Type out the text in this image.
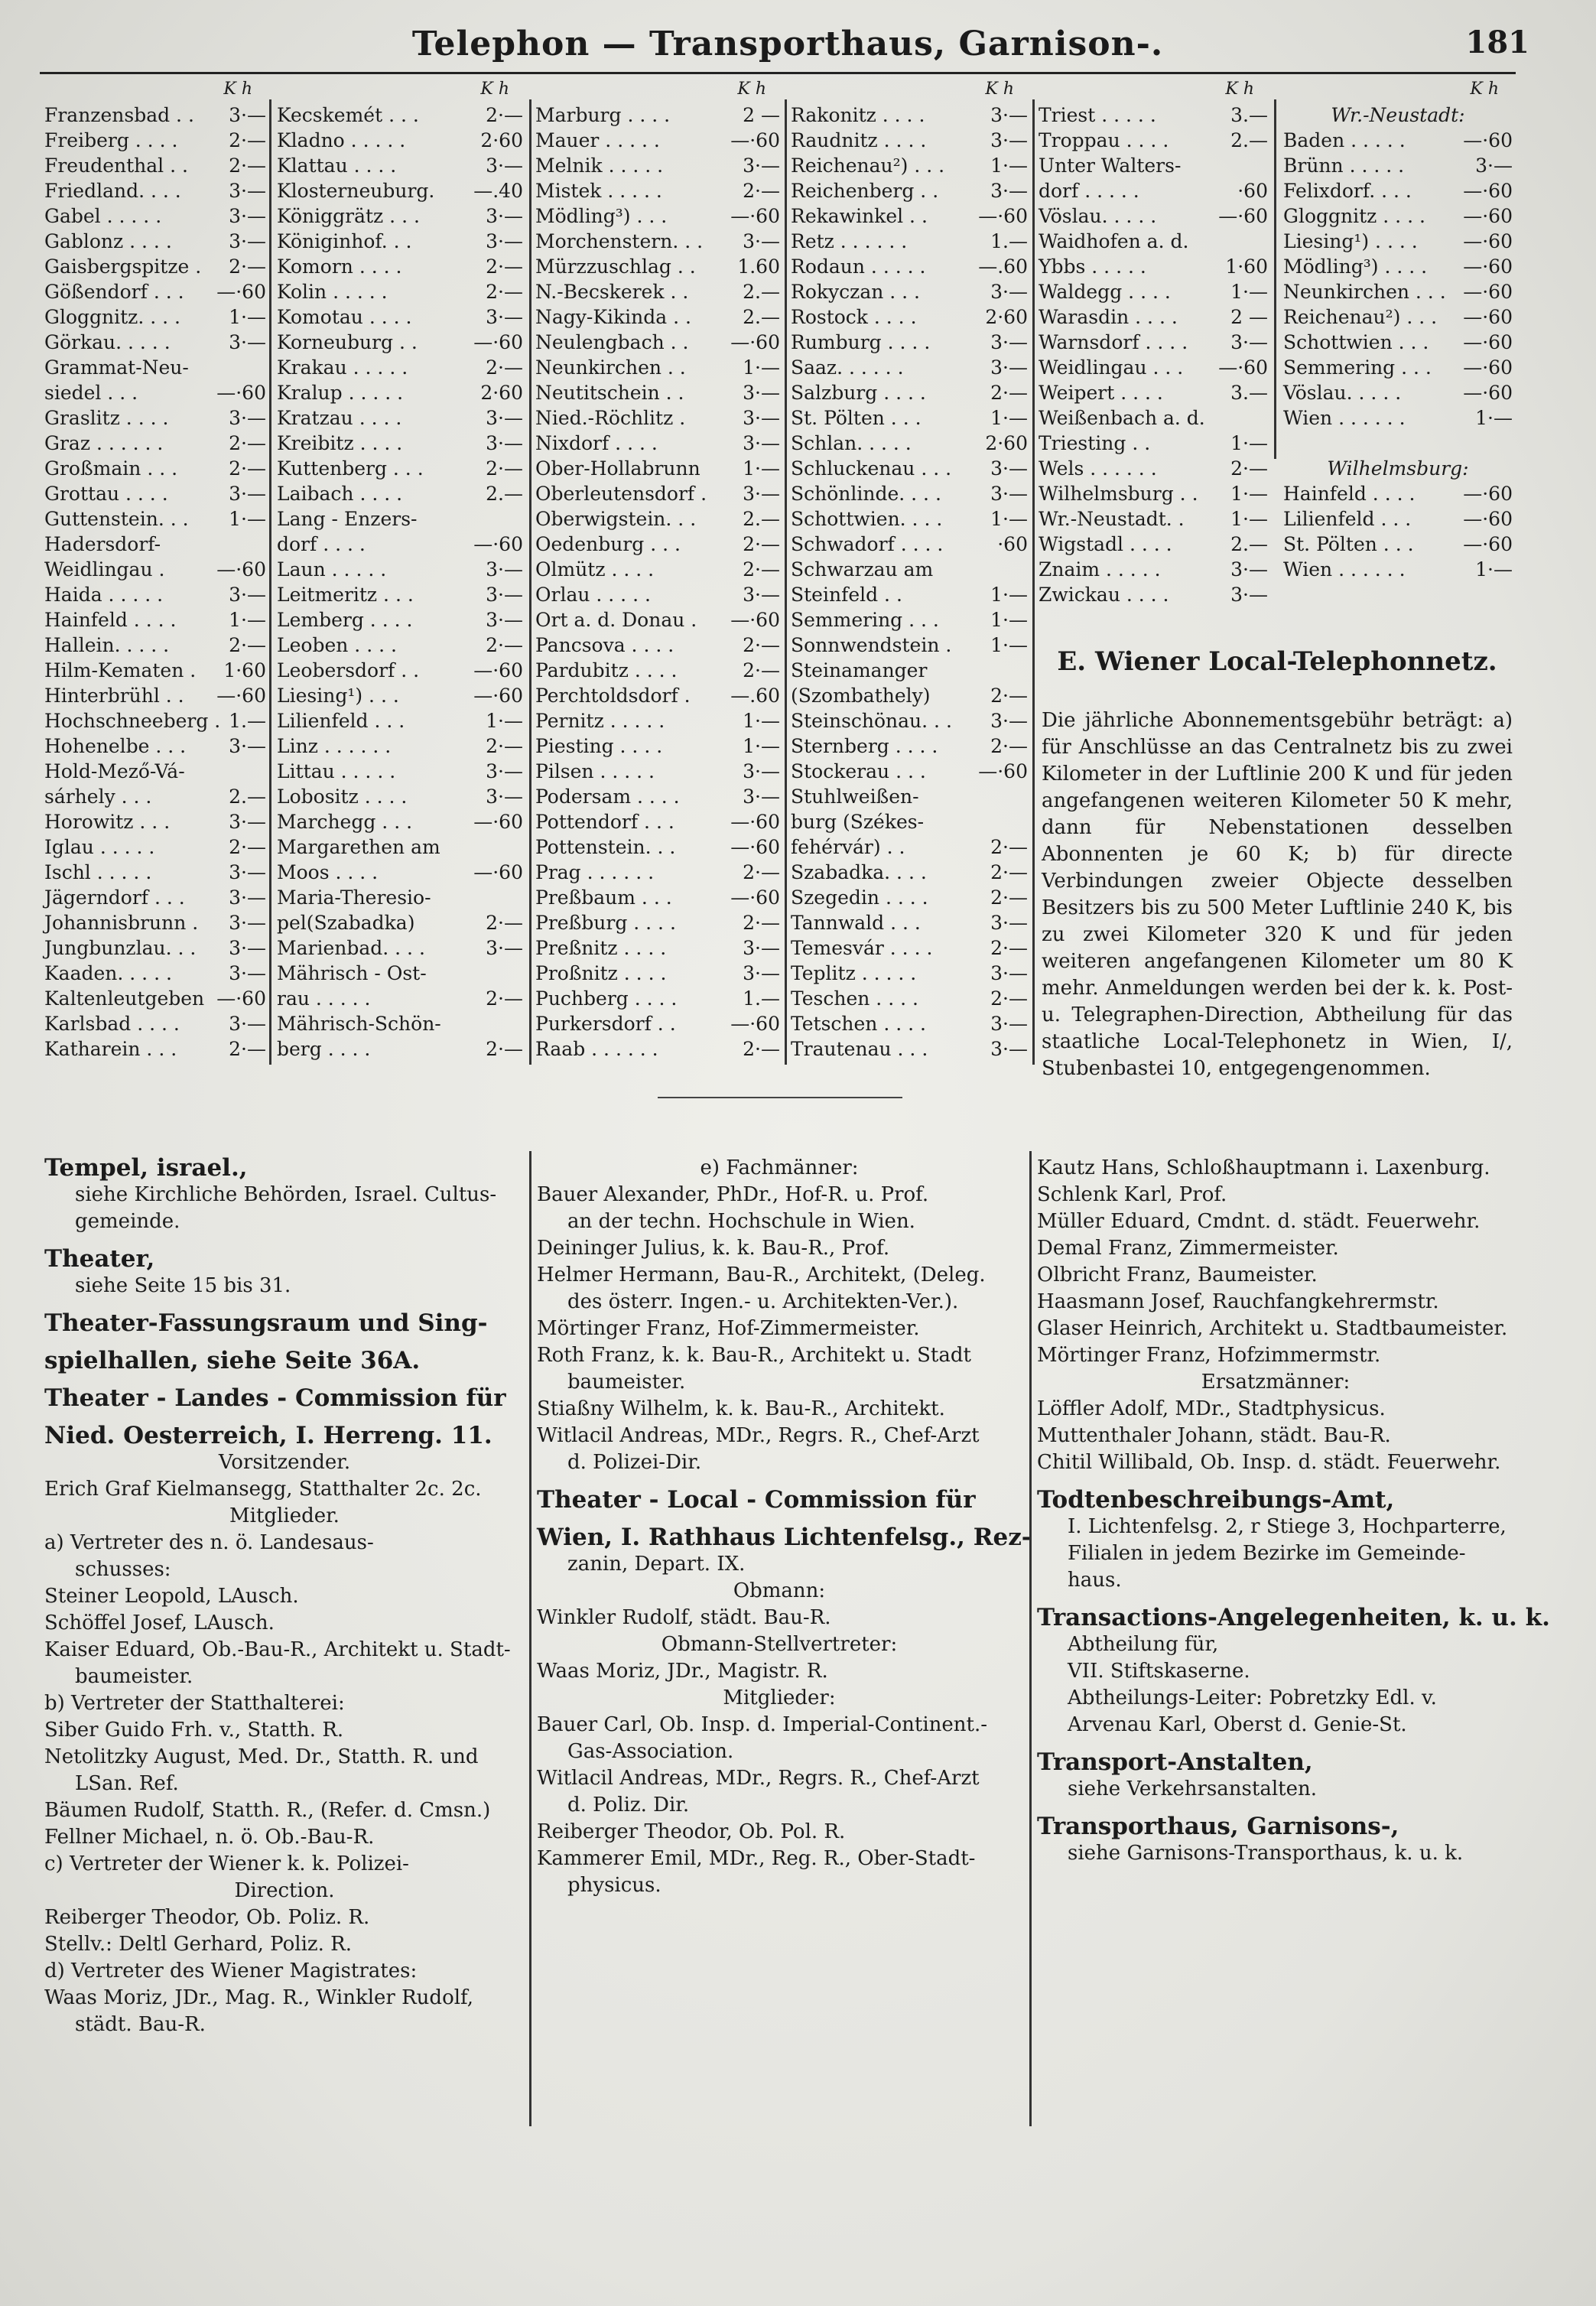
Telephon — Transporthaus, Garnison-.	181
K h
Franzensbad . .	3·—
Freiberg . . . .	2·—
Freudenthal . .	2·—
Friedland. . . .	3·—
Gabel . . . . .	3·—
Gablonz . . . .	3·—
Gaisbergspitze .	2·—
Gößendorf . . .	—·60
Gloggnitz. . . .	1·—
Görkau. . . . .	3·—
Grammat-Neu-
siedel . . .	—·60
Graslitz . . . .	3·—
Graz . . . . . .	2·—
Großmain . . .	2·—
Grottau . . . .	3·—
Guttenstein. . .	1·—
Hadersdorf-
Weidlingau .	—·60
Haida . . . . .	3·—
Hainfeld . . . .	1·—
Hallein. . . . .	2·—
Hilm-Kematen .	1·60
Hinterbrühl . .	—·60
Hochschneeberg . 1.—
Hohenelbe . . .	3·—
Hold-Mező-Vá-
sárhely . . .	2.—
Horowitz . . .	3·—
Iglau . . . . .	2·—
Ischl . . . . .	3·—
Jägerndorf . . .	3·—
Johannisbrunn .	3·—
Jungbunzlau. . .	3·—
Kaaden. . . . .	3·—
Kaltenleutgeben —·60
Karlsbad . . . .	3·—
Katharein . . .	2·—
K h
Kecskemét . . .	2·—
Kladno . . . . .	2·60
Klattau . . . .	3·—
Klosterneuburg.	—.40
Königgrätz . . .	3·—
Königinhof. . .	3·—
Komorn . . . .	2·—
Kolin . . . . .	2·—
Komotau . . . .	3·—
Korneuburg . .	—·60
Krakau . . . . .	2·—
Kralup . . . . .	2·60
Kratzau . . . .	3·—
Kreibitz . . . .	3·—
Kuttenberg . . .	2·—
Laibach . . . .	2.—
Lang - Enzers-
dorf . . . .	—·60
Laun . . . . .	3·—
Leitmeritz . . .	3·—
Lemberg . . . .	3·—
Leoben . . . .	2·—
Leobersdorf . .	—·60
Liesing¹) . . .	—·60
Lilienfeld . . .	1·—
Linz . . . . . .	2·—
Littau . . . . .	3·—
Lobositz . . . .	3·—
Marchegg . . .	—·60
Margarethen am
Moos . . . .	—·60
Maria-Theresio-
pel(Szabadka)	2·—
Marienbad. . . .	3·—
Mährisch - Ost-
rau . . . . .	2·—
Mährisch-Schön-
berg . . . .	2·—
K h
Marburg . . . .	2 —
Mauer . . . . .	—·60
Melnik . . . . .	3·—
Mistek . . . . .	2·—
Mödling³) . . .	—·60
Morchenstern. . .	3·—
Mürzzuschlag . .	1.60
N.-Becskerek . .	2.—
Nagy-Kikinda . .	2.—
Neulengbach . .	—·60
Neunkirchen . .	1·—
Neutitschein . .	3·—
Nied.-Röchlitz .	3·—
Nixdorf . . . .	3·—
Ober-Hollabrunn	1·—
Oberleutensdorf .	3·—
Oberwigstein. . .	2.—
Oedenburg . . .	2·—
Olmütz . . . .	2·—
Orlau . . . . .	3·—
Ort a. d. Donau .	—·60
Pancsova . . . .	2·—
Pardubitz . . . .	2·—
Perchtoldsdorf .	—.60
Pernitz . . . . .	1·—
Piesting . . . .	1·—
Pilsen . . . . .	3·—
Podersam . . . .	3·—
Pottendorf . . .	—·60
Pottenstein. . .	—·60
Prag . . . . . .	2·—
Preßbaum . . .	—·60
Preßburg . . . .	2·—
Preßnitz . . . .	3·—
Proßnitz . . . .	3·—
Puchberg . . . .	1.—
Purkersdorf . .	—·60
Raab . . . . . .	2·—
K h
Rakonitz . . . .	3·—
Raudnitz . . . .	3·—
Reichenau²) . . .	1·—
Reichenberg . .	3·—
Rekawinkel . .	—·60
Retz . . . . . .	1.—
Rodaun . . . . .	—.60
Rokyczan . . .	3·—
Rostock . . . .	2·60
Rumburg . . . .	3·—
Saaz. . . . . .	3·—
Salzburg . . . .	2·—
St. Pölten . . .	1·—
Schlan. . . . .	2·60
Schluckenau . . .	3·—
Schönlinde. . . .	3·—
Schottwien. . . .	1·—
Schwadorf . . . .	·60
Schwarzau am
Steinfeld . .	1·—
Semmering . . .	1·—
Sonnwendstein .	1·—
Steinamanger
(Szombathely)	2·—
Steinschönau. . .	3·—
Sternberg . . . .	2·—
Stockerau . . .	—·60
Stuhlweißen-
burg (Székes-
fehérvár) . .	2·—
Szabadka. . . .	2·—
Szegedin . . . .	2·—
Tannwald . . .	3·—
Temesvár . . . .	2·—
Teplitz . . . . .	3·—
Teschen . . . .	2·—
Tetschen . . . .	3·—
Trautenau . . .	3·—
K h
Triest . . . . .	3.—
Troppau . . . .	2.—
Unter Walters-
dorf . . . . .	·60
Vöslau. . . . .	—·60
Waidhofen a. d.
Ybbs . . . . .	1·60
Waldegg . . . .	1·—
Warasdin . . . .	2 —
Warnsdorf . . . .	3·—
Weidlingau . . .	—·60
Weipert . . . .	3.—
Weißenbach a. d.
Triesting . .	1·—
Wels . . . . . .	2·—
Wilhelmsburg . .	1·—
Wr.-Neustadt. .	1·—
Wigstadl . . . .	2.—
Znaim . . . . .	3·—
Zwickau . . . .	3·—
K h
Wr.-Neustadt:
Baden . . . . .	—·60
Brünn . . . . .	3·—
Felixdorf. . . .	—·60
Gloggnitz . . . .	—·60
Liesing¹) . . . .	—·60
Mödling³) . . . .	—·60
Neunkirchen . . . —·60
Reichenau²) . . .	—·60
Schottwien . . .	—·60
Semmering . . .	—·60
Vöslau. . . . .	—·60
Wien . . . . . .	1·—
Wilhelmsburg:
Hainfeld . . . .	—·60
Lilienfeld . . .	—·60
St. Pölten . . .	—·60
Wien . . . . . .	1·—
E. Wiener Local-Telephonnetz.
Die jährliche Abonnementsgebühr beträgt: a) für Anschlüsse an das Centralnetz bis zu zwei Kilometer in der Luftlinie 200 K und für jeden angefangenen weiteren Kilometer 50 K mehr, dann für Nebenstationen desselben Abonnenten je 60 K; b) für directe Verbindungen zweier Objecte desselben Besitzers bis zu 500 Meter Luftlinie 240 K, bis zu zwei Kilometer 320 K und für jeden weiteren angefangenen Kilometer um 80 K mehr. Anmeldungen werden bei der k. k. Post- u. Telegraphen-Direction, Abtheilung für das staatliche Local-Telephonetz in Wien, I/, Stubenbastei 10, entgegengenommen.
Tempel, israel.,
siehe Kirchliche Behörden, Israel. Cultus-
gemeinde.
Theater,
siehe Seite 15 bis 31.
Theater-Fassungsraum und Sing-
spielhallen, siehe Seite 36A.
Theater - Landes - Commission für
Nied. Oesterreich, I. Herreng. 11.
Vorsitzender.
Erich Graf Kielmansegg, Statthalter 2c. 2c.
Mitglieder.
a) Vertreter des n. ö. Landesaus-
schusses:
Steiner Leopold, LAusch.
Schöffel Josef, LAusch.
Kaiser Eduard, Ob.-Bau-R., Architekt u. Stadt-
baumeister.
b) Vertreter der Statthalterei:
Siber Guido Frh. v., Statth. R.
Netolitzky August, Med. Dr., Statth. R. und
LSan. Ref.
Bäumen Rudolf, Statth. R., (Refer. d. Cmsn.)
Fellner Michael, n. ö. Ob.-Bau-R.
c) Vertreter der Wiener k. k. Polizei-
Direction.
Reiberger Theodor, Ob. Poliz. R.
Stellv.: Deltl Gerhard, Poliz. R.
d) Vertreter des Wiener Magistrates:
Waas Moriz, JDr., Mag. R., Winkler Rudolf,
städt. Bau-R.
e) Fachmänner:
Bauer Alexander, PhDr., Hof-R. u. Prof.
an der techn. Hochschule in Wien.
Deininger Julius, k. k. Bau-R., Prof.
Helmer Hermann, Bau-R., Architekt, (Deleg.
des österr. Ingen.- u. Architekten-Ver.).
Mörtinger Franz, Hof-Zimmermeister.
Roth Franz, k. k. Bau-R., Architekt u. Stadt
baumeister.
Stiaßny Wilhelm, k. k. Bau-R., Architekt.
Witlacil Andreas, MDr., Regrs. R., Chef-Arzt
d. Polizei-Dir.
Theater - Local - Commission für
Wien, I. Rathhaus Lichtenfelsg., Rez-
zanin, Depart. IX.
Obmann:
Winkler Rudolf, städt. Bau-R.
Obmann-Stellvertreter:
Waas Moriz, JDr., Magistr. R.
Mitglieder:
Bauer Carl, Ob. Insp. d. Imperial-Continent.-
Gas-Association.
Witlacil Andreas, MDr., Regrs. R., Chef-Arzt
d. Poliz. Dir.
Reiberger Theodor, Ob. Pol. R.
Kammerer Emil, MDr., Reg. R., Ober-Stadt-
physicus.
Kautz Hans, Schloßhauptmann i. Laxenburg.
Schlenk Karl, Prof.
Müller Eduard, Cmdnt. d. städt. Feuerwehr.
Demal Franz, Zimmermeister.
Olbricht Franz, Baumeister.
Haasmann Josef, Rauchfangkehrermstr.
Glaser Heinrich, Architekt u. Stadtbaumeister.
Mörtinger Franz, Hofzimmermstr.
Ersatzmänner:
Löffler Adolf, MDr., Stadtphysicus.
Muttenthaler Johann, städt. Bau-R.
Chitil Willibald, Ob. Insp. d. städt. Feuerwehr.
Todtenbeschreibungs-Amt,
I. Lichtenfelsg. 2, r Stiege 3, Hochparterre,
Filialen in jedem Bezirke im Gemeinde-
haus.
Transactions-Angelegenheiten, k. u. k.
Abtheilung für,
VII. Stiftskaserne.
Abtheilungs-Leiter: Pobretzky Edl. v.
Arvenau Karl, Oberst d. Genie-St.
Transport-Anstalten,
siehe Verkehrsanstalten.
Transporthaus, Garnisons-,
siehe Garnisons-Transporthaus, k. u. k.
